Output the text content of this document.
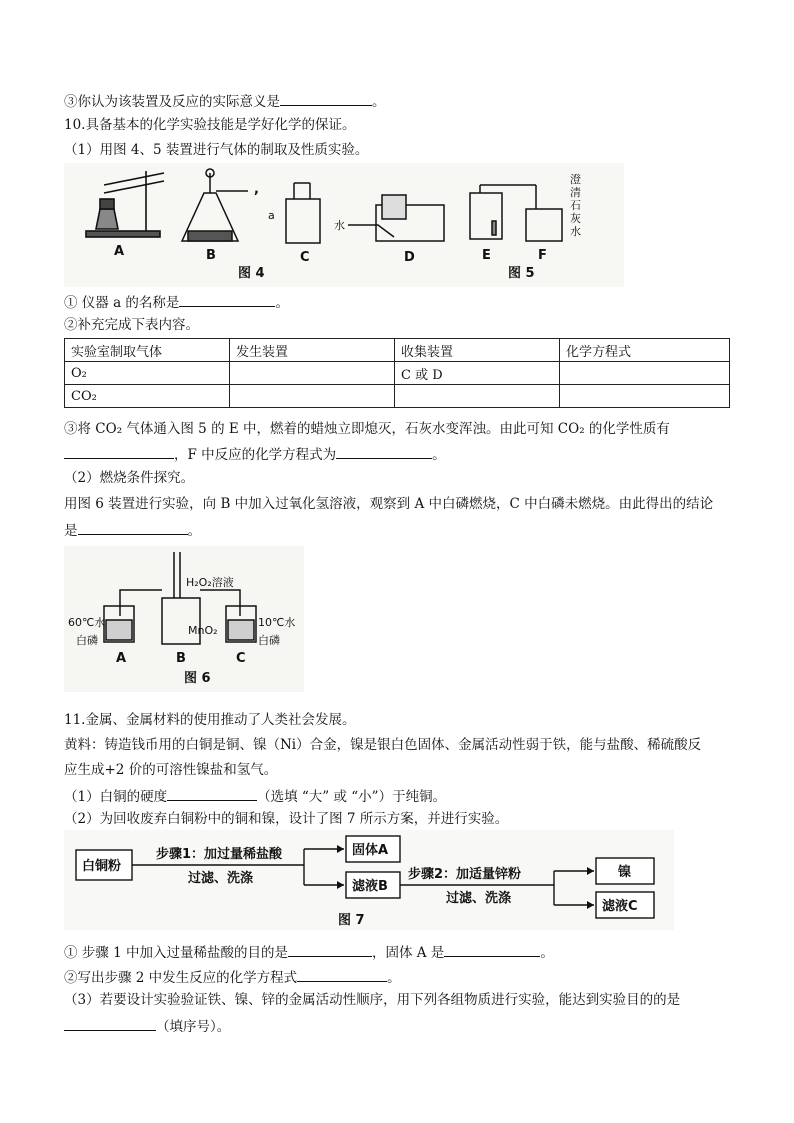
③你认为该装置及反应的实际意义是	。
10.具备基本的化学实验技能是学好化学的保证。
（1）用图 4、5 装置进行气体的制取及性质实验。
A	B
,
a
C
水
D
图 4
澄
清
石
灰
水
E	F
图 5
① 仪器 a 的名称是	。
②补充完成下表内容。
实验室制取气体	发生装置	收集装置	化学方程式
O₂		C 或 D	
CO₂			
③将 CO₂ 气体通入图 5 的 E 中，燃着的蜡烛立即熄灭，石灰水变浑浊。由此可知 CO₂ 的化学性质有
，F 中反应的化学方程式为	。
（2）燃烧条件探究。
用图 6 装置进行实验，向 B 中加入过氧化氢溶液，观察到 A 中白磷燃烧，C 中白磷未燃烧。由此得出的结论
是	。
H₂O₂溶液
MnO₂
60℃水
白磷
10℃水
白磷
A	B	C
图 6
11.金属、金属材料的使用推动了人类社会发展。
黄料：铸造钱币用的白铜是铜、镍（Ni）合金，镍是银白色固体、金属活动性弱于铁，能与盐酸、稀硫酸反
应生成+2 价的可溶性镍盐和氢气。
（1）白铜的硬度	（选填 “大” 或 “小”）于纯铜。
（2）为回收废弃白铜粉中的铜和镍，设计了图 7 所示方案，并进行实验。
白铜粉
步骤1：加过量稀盐酸
过滤、洗涤
固体A
滤液B
步骤2：加适量锌粉
过滤、洗涤
镍
滤液C
图 7
① 步骤 1 中加入过量稀盐酸的目的是	，固体 A 是	。
②写出步骤 2 中发生反应的化学方程式	。
（3）若要设计实验验证铁、镍、锌的金属活动性顺序，用下列各组物质进行实验，能达到实验目的的是
（填序号）。
